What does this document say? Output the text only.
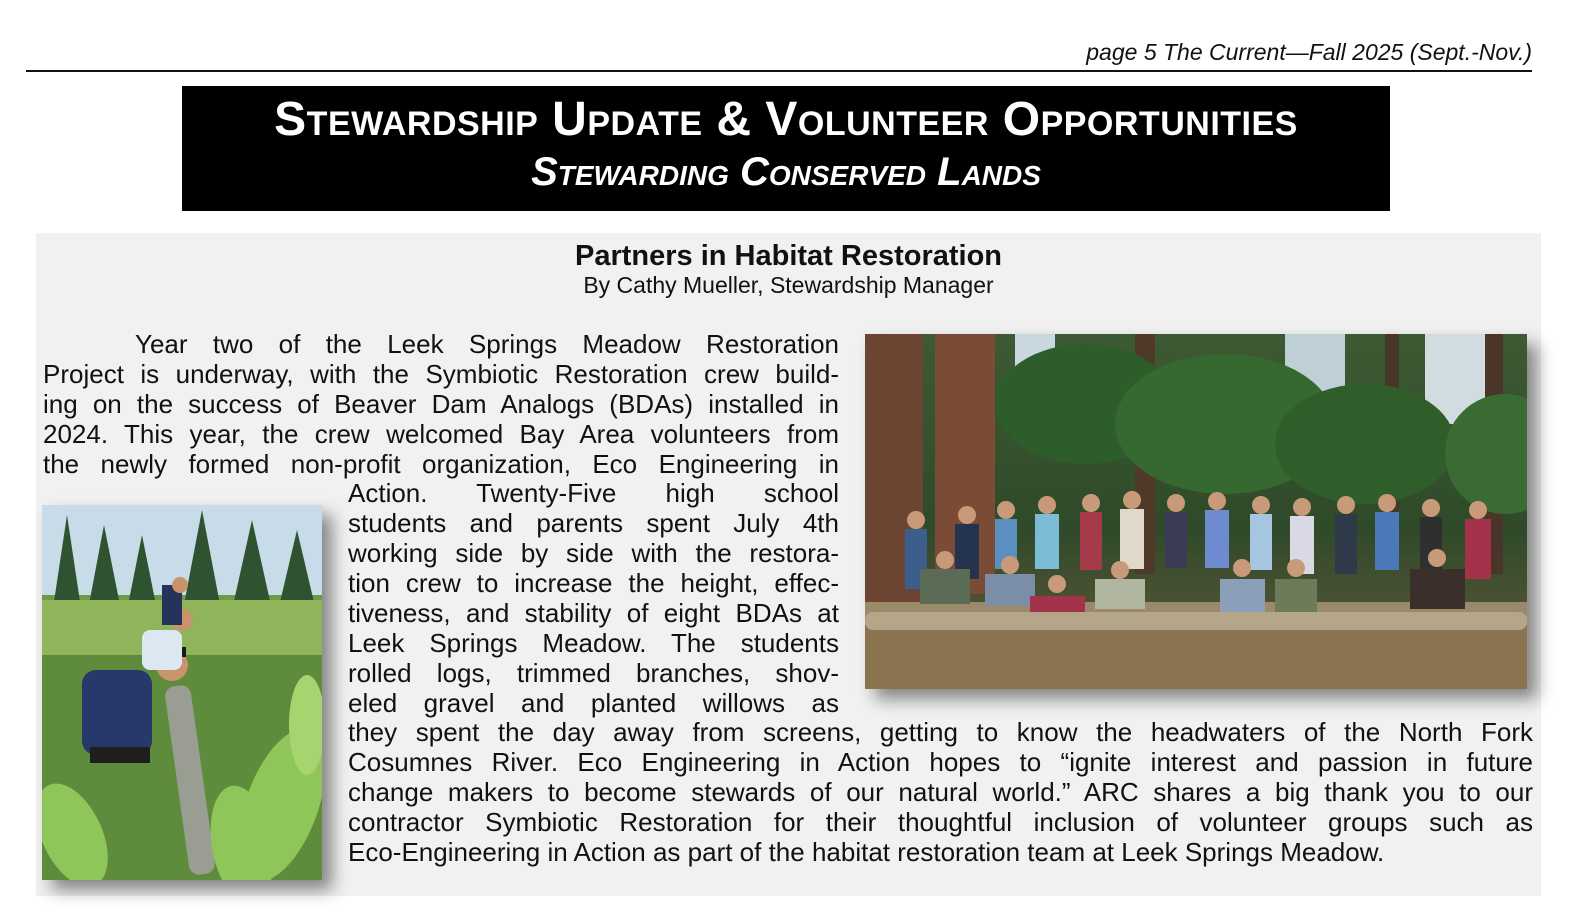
page 5 The Current—Fall 2025 (Sept.-Nov.)
Stewardship Update & Volunteer Opportunities
Stewarding Conserved Lands
Partners in Habitat Restoration
By Cathy Mueller, Stewardship Manager
Year two of the Leek Springs Meadow Restoration
Project is underway, with the Symbiotic Restoration crew build-
ing on the success of Beaver Dam Analogs (BDAs) installed in
2024. This year, the crew welcomed Bay Area volunteers from
the newly formed non-profit organization, Eco Engineering in
Action. Twenty-Five high school
students and parents spent July 4th
working side by side with the restora-
tion crew to increase the height, effec-
tiveness, and stability of eight BDAs at
Leek Springs Meadow. The students
rolled logs, trimmed branches, shov-
eled gravel and planted willows as
they spent the day away from screens, getting to know the headwaters of the North Fork
Cosumnes River. Eco Engineering in Action hopes to “ignite interest and passion in future
change makers to become stewards of our natural world.” ARC shares a big thank you to our
contractor Symbiotic Restoration for their thoughtful inclusion of volunteer groups such as
Eco-Engineering in Action as part of the habitat restoration team at Leek Springs Meadow.
